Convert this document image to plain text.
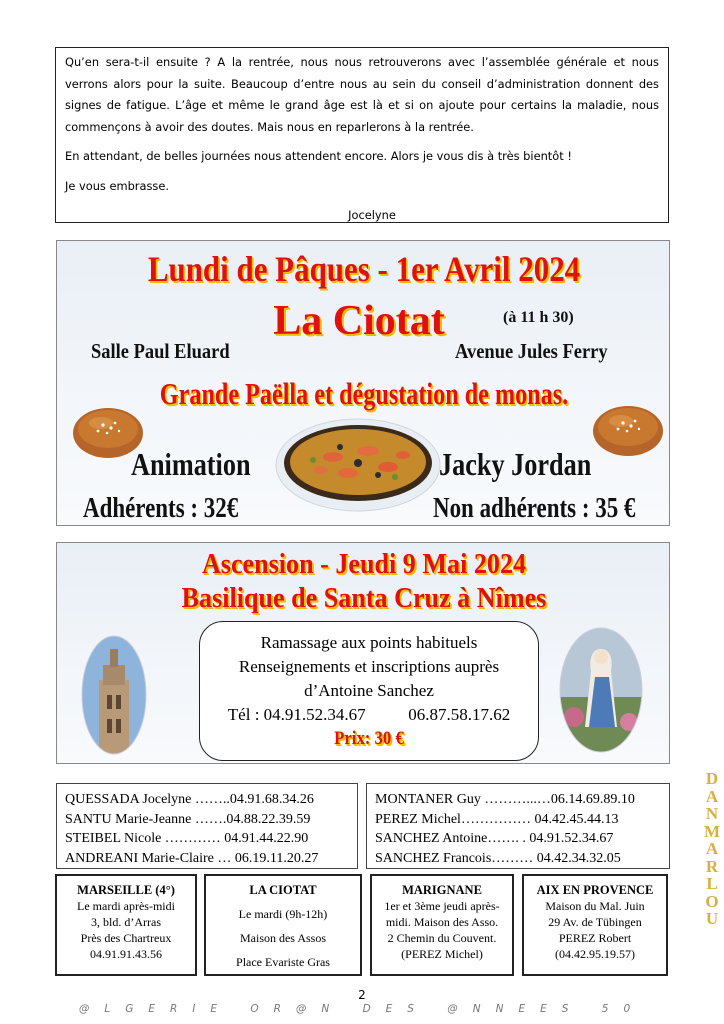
Qu’en sera-t-il ensuite ? A la rentrée, nous nous retrouverons avec l’assemblée générale et nous verrons alors pour la suite. Beaucoup d’entre nous au sein du conseil d’administration donnent des signes de fatigue. L’âge et même le grand âge est là et si on ajoute pour certains la maladie, nous commençons à avoir des doutes. Mais nous en reparlerons à la rentrée.

En attendant, de belles journées nous attendent encore. Alors je vous dis à très bientôt !

Je vous embrasse.

Jocelyne

Lundi de Pâques - 1er Avril 2024
La Ciotat	(à 11 h 30)
Salle Paul Eluard	Avenue Jules Ferry
Grande Paëlla et dégustation de monas.
Animation	Jacky Jordan
Adhérents : 32€	Non adhérents : 35 €
Ascension - Jeudi 9 Mai 2024
Basilique de Santa Cruz à Nîmes
Ramassage aux points habituels
Renseignements et inscriptions auprès
d’Antoine Sanchez
Tél : 04.91.52.34.67	06.87.58.17.62
Prix: 30 €
QUESSADA Jocelyne ……..04.91.68.34.26
SANTU Marie-Jeanne …….04.88.22.39.59
STEIBEL Nicole ………… 04.91.44.22.90
ANDREANI Marie-Claire … 06.19.11.20.27
MONTANER Guy ………...…06.14.69.89.10
PEREZ Michel…………… 04.42.45.44.13
SANCHEZ Antoine……. . 04.91.52.34.67
SANCHEZ Francois……… 04.42.34.32.05
MARSEILLE (4°)
Le mardi après-midi
3, bld. d’Arras
Près des Chartreux
04.91.91.43.56
LA CIOTAT
Le mardi (9h-12h)
Maison des Assos
Place Evariste Gras
MARIGNANE
1er et 3ème jeudi après-
midi. Maison des Asso.
2 Chemin du Couvent.
(PEREZ Michel)
AIX EN PROVENCE
Maison du Mal. Juin
29 Av. de Tübingen
PEREZ Robert
(04.42.95.19.57)
DANMARLOU
2
@LGERIE OR@N DES @NNEES 50
